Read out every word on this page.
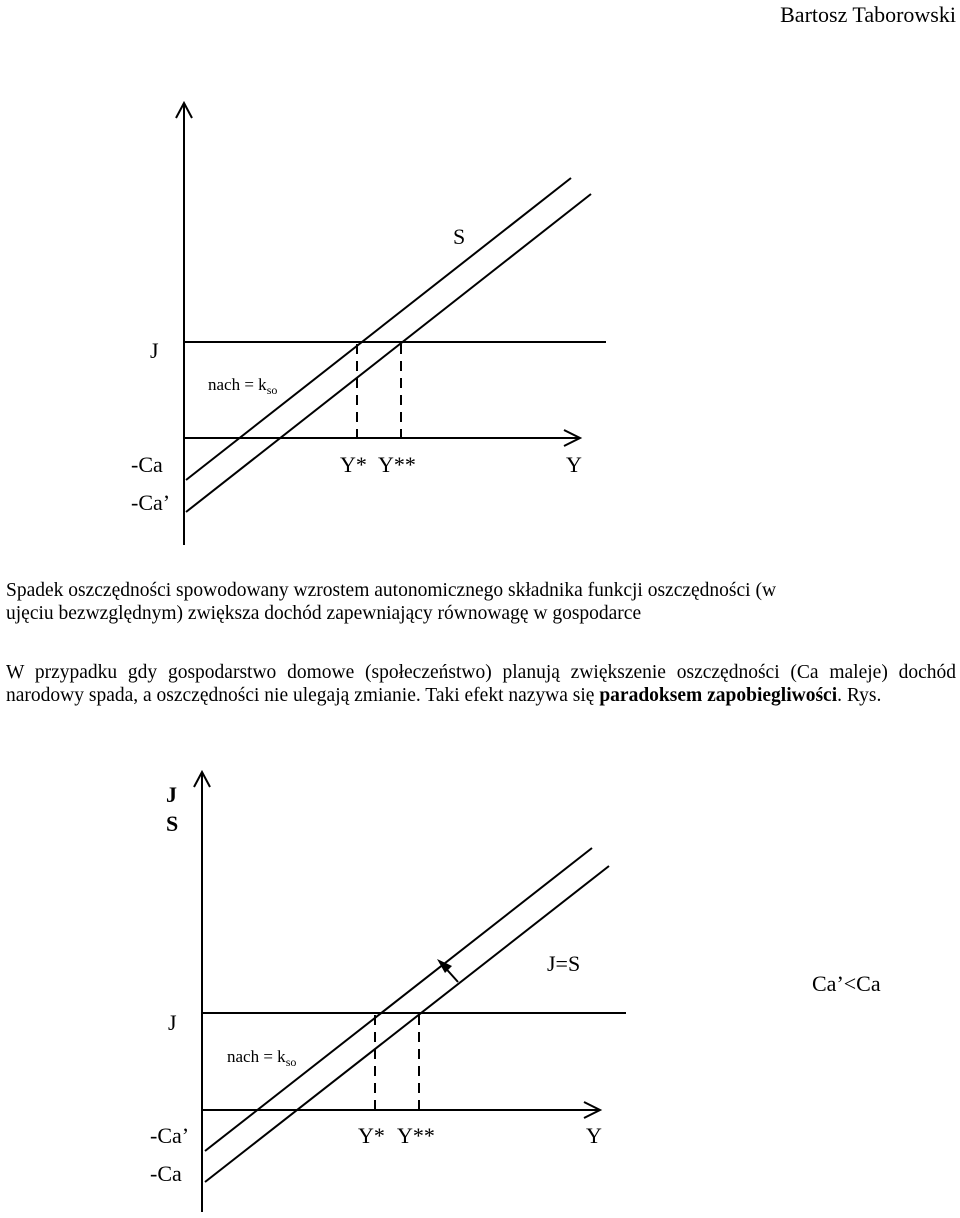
Bartosz Taborowski
S
J
nach = $k_{so}$
-Ca
-Ca’
Y* Y**	Y

Spadek oszczędności spowodowany wzrostem autonomicznego składnika funkcji oszczędności (w
ujęciu bezwzględnym) zwiększa dochód zapewniający równowagę w gospodarce

W przypadku gdy gospodarstwo domowe (społeczeństwo) planują zwiększenie oszczędności (Ca maleje) dochód narodowy spada, a oszczędności nie ulegają zmianie. Taki efekt nazywa się paradoksem zapobiegliwości. Rys.

J
S
J=S
Ca’<Ca
J
nach = $k_{so}$
-Ca’
-Ca
Y* Y**	Y
